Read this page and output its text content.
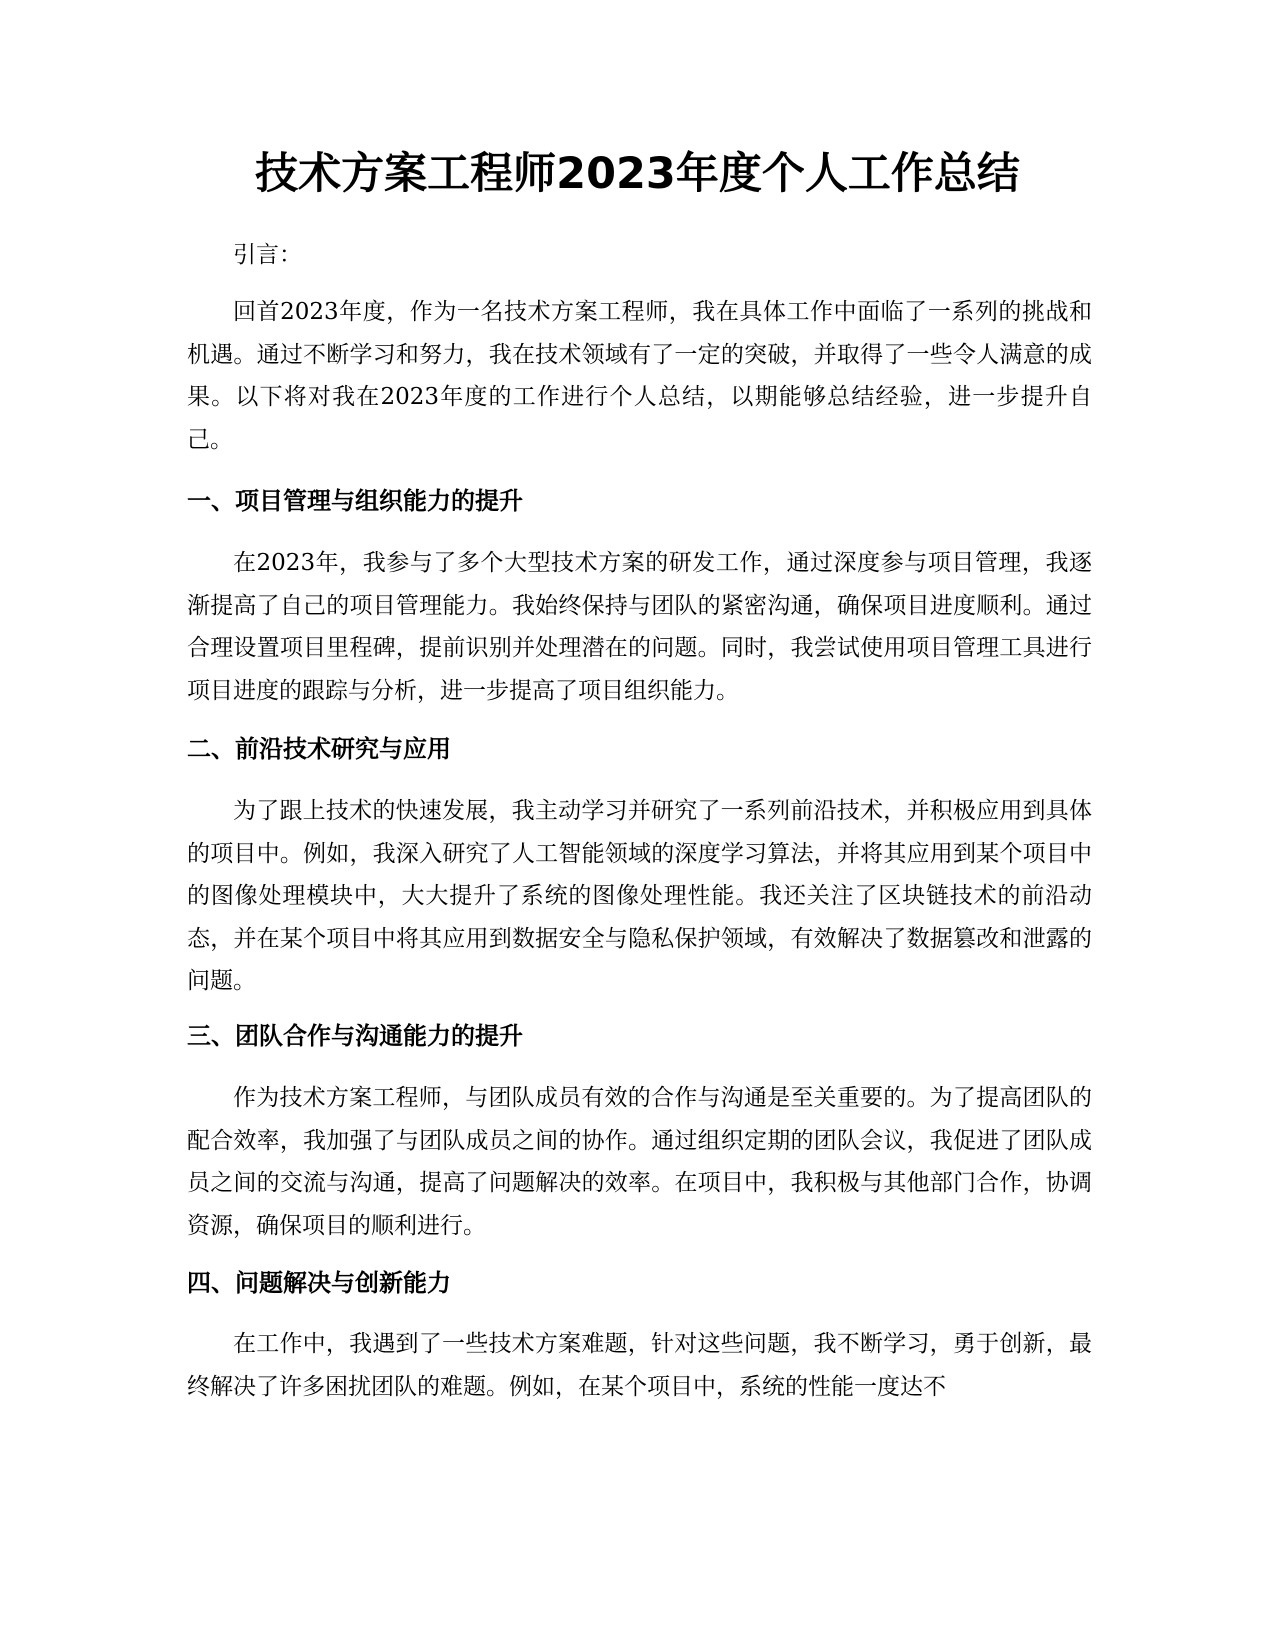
技术方案工程师2023年度个人工作总结

引言：

回首2023年度，作为一名技术方案工程师，我在具体工作中面临了一系列的挑战和机遇。通过不断学习和努力，我在技术领域有了一定的突破，并取得了一些令人满意的成果。以下将对我在2023年度的工作进行个人总结，以期能够总结经验，进一步提升自己。

一、项目管理与组织能力的提升

在2023年，我参与了多个大型技术方案的研发工作，通过深度参与项目管理，我逐渐提高了自己的项目管理能力。我始终保持与团队的紧密沟通，确保项目进度顺利。通过合理设置项目里程碑，提前识别并处理潜在的问题。同时，我尝试使用项目管理工具进行项目进度的跟踪与分析，进一步提高了项目组织能力。

二、前沿技术研究与应用

为了跟上技术的快速发展，我主动学习并研究了一系列前沿技术，并积极应用到具体的项目中。例如，我深入研究了人工智能领域的深度学习算法，并将其应用到某个项目中的图像处理模块中，大大提升了系统的图像处理性能。我还关注了区块链技术的前沿动态，并在某个项目中将其应用到数据安全与隐私保护领域，有效解决了数据篡改和泄露的问题。

三、团队合作与沟通能力的提升

作为技术方案工程师，与团队成员有效的合作与沟通是至关重要的。为了提高团队的配合效率，我加强了与团队成员之间的协作。通过组织定期的团队会议，我促进了团队成员之间的交流与沟通，提高了问题解决的效率。在项目中，我积极与其他部门合作，协调资源，确保项目的顺利进行。

四、问题解决与创新能力

在工作中，我遇到了一些技术方案难题，针对这些问题，我不断学习，勇于创新，最终解决了许多困扰团队的难题。例如，在某个项目中，系统的性能一度达不
